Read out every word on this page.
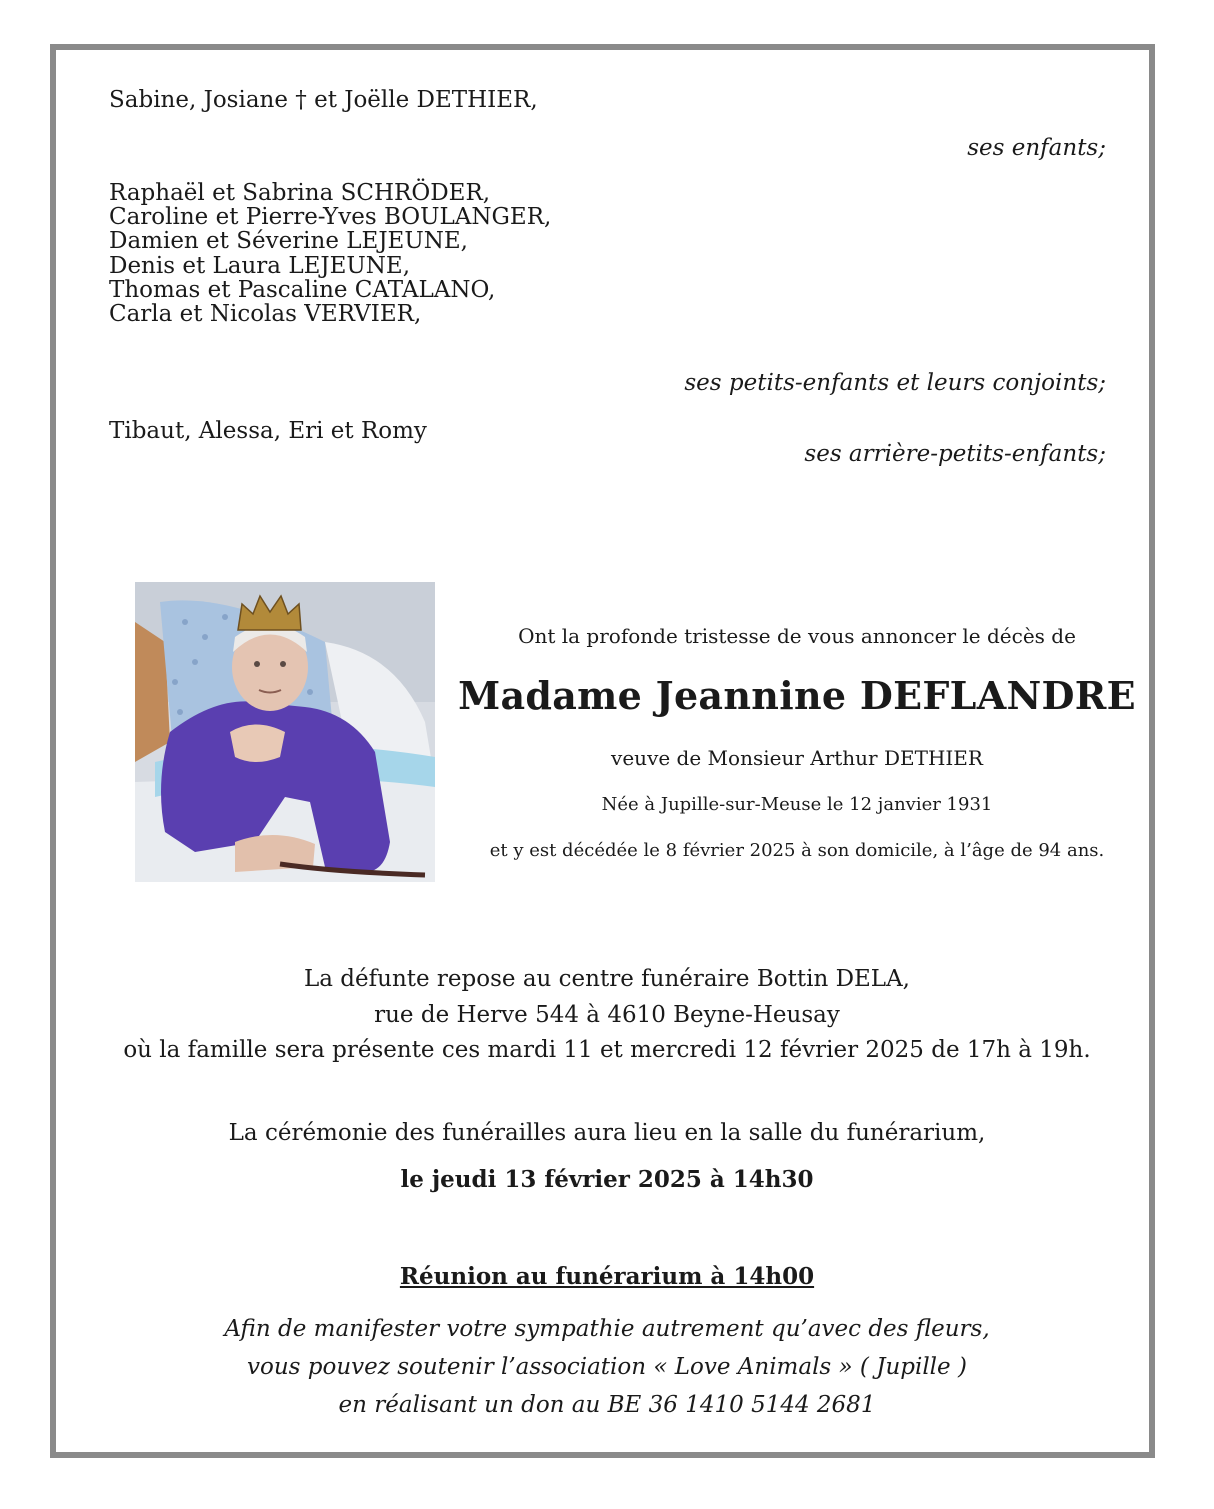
Sabine, Josiane † et Joëlle DETHIER,
ses enfants;
Raphaël et Sabrina SCHRÖDER,
Caroline et Pierre-Yves BOULANGER,
Damien et Séverine LEJEUNE,
Denis et Laura LEJEUNE,
Thomas et Pascaline CATALANO,
Carla et Nicolas VERVIER,
ses petits-enfants et leurs conjoints;
Tibaut, Alessa, Eri et Romy
ses arrière-petits-enfants;
Ont la profonde tristesse de vous annoncer le décès de
Madame Jeannine DEFLANDRE
veuve de Monsieur Arthur DETHIER
Née à Jupille-sur-Meuse le 12 janvier 1931
et y est décédée le 8 février 2025 à son domicile, à l’âge de 94 ans.
La défunte repose au centre funéraire Bottin DELA,
rue de Herve 544 à 4610 Beyne-Heusay
où la famille sera présente ces mardi 11 et mercredi 12 février 2025 de 17h à 19h.
La cérémonie des funérailles aura lieu en la salle du funérarium,
le jeudi 13 février 2025 à 14h30
Réunion au funérarium à 14h00
Afin de manifester votre sympathie autrement qu’avec des fleurs,
vous pouvez soutenir l’association « Love Animals » ( Jupille )
en réalisant un don au BE 36 1410 5144 2681
